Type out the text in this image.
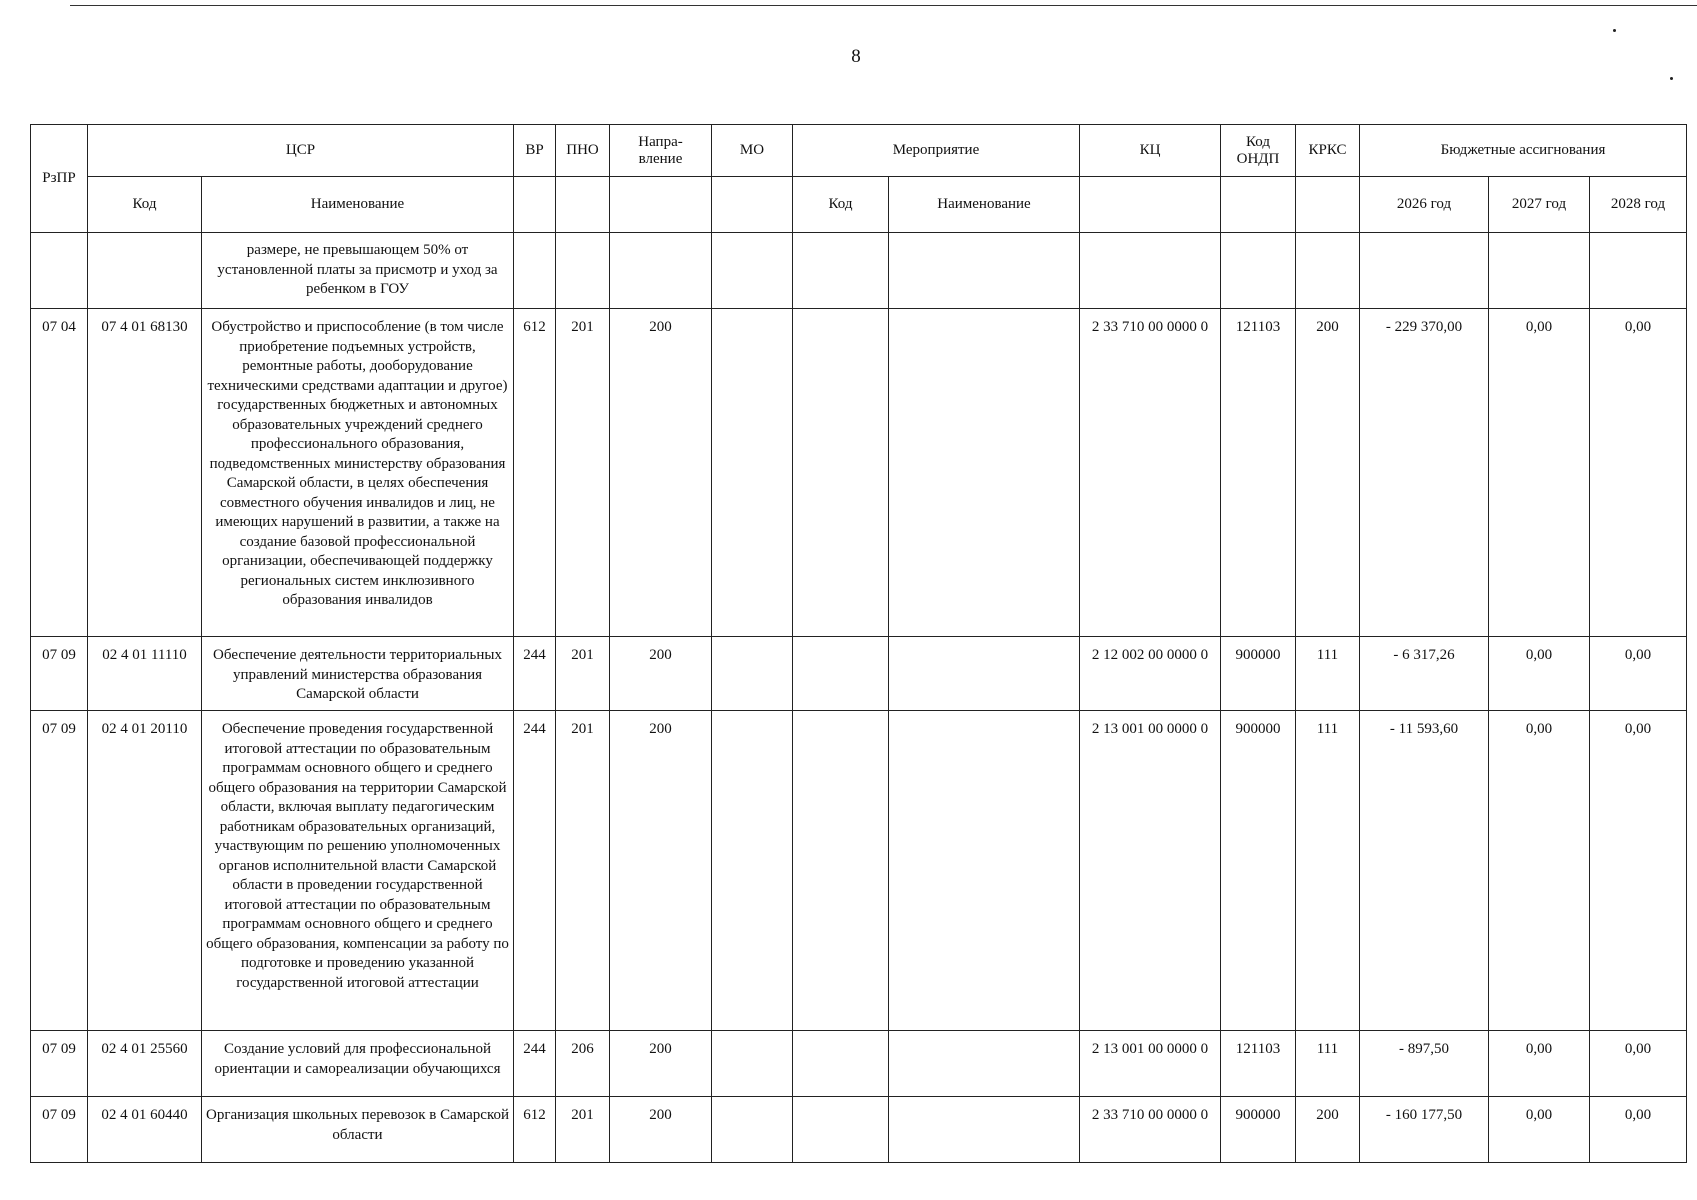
8
РзПР	ЦСР		ВР	ПНО	Напра-
вление	МО	Мероприятие		КЦ	Код
ОНДП	КРКС	Бюджетные ассигнования		
	Код	Наименование					Код	Наименование				2026 год	2027 год	2028 год
		размере, не превышающем 50% от установленной платы за присмотр и уход за ребенком в ГОУ												
07 04	07 4 01 68130	Обустройство и приспособление (в том числе приобретение подъемных устройств, ремонтные работы, дооборудование техническими средствами адаптации и другое) государственных бюджетных и автономных образовательных учреждений среднего профессионального образования, подведомственных министерству образования Самарской области, в целях обеспечения совместного обучения инвалидов и лиц, не имеющих нарушений в развитии, а также на создание базовой профессиональной организации, обеспечивающей поддержку региональных систем инклюзивного образования инвалидов	612	201	200				2 33 710 00 0000 0	121103	200	- 229 370,00	0,00	0,00
07 09	02 4 01 11110	Обеспечение деятельности территориальных управлений министерства образования Самарской области	244	201	200				2 12 002 00 0000 0	900000	111	- 6 317,26	0,00	0,00
07 09	02 4 01 20110	Обеспечение проведения государственной итоговой аттестации по образовательным программам основного общего и среднего общего образования на территории Самарской области, включая выплату педагогическим работникам образовательных организаций, участвующим по решению уполномоченных органов исполнительной власти Самарской области в проведении государственной итоговой аттестации по образовательным программам основного общего и среднего общего образования, компенсации за работу по подготовке и проведению указанной государственной итоговой аттестации	244	201	200				2 13 001 00 0000 0	900000	111	- 11 593,60	0,00	0,00
07 09	02 4 01 25560	Создание условий для профессиональной ориентации и самореализации обучающихся	244	206	200				2 13 001 00 0000 0	121103	111	- 897,50	0,00	0,00
07 09	02 4 01 60440	Организация школьных перевозок в Самарской области	612	201	200				2 33 710 00 0000 0	900000	200	- 160 177,50	0,00	0,00
